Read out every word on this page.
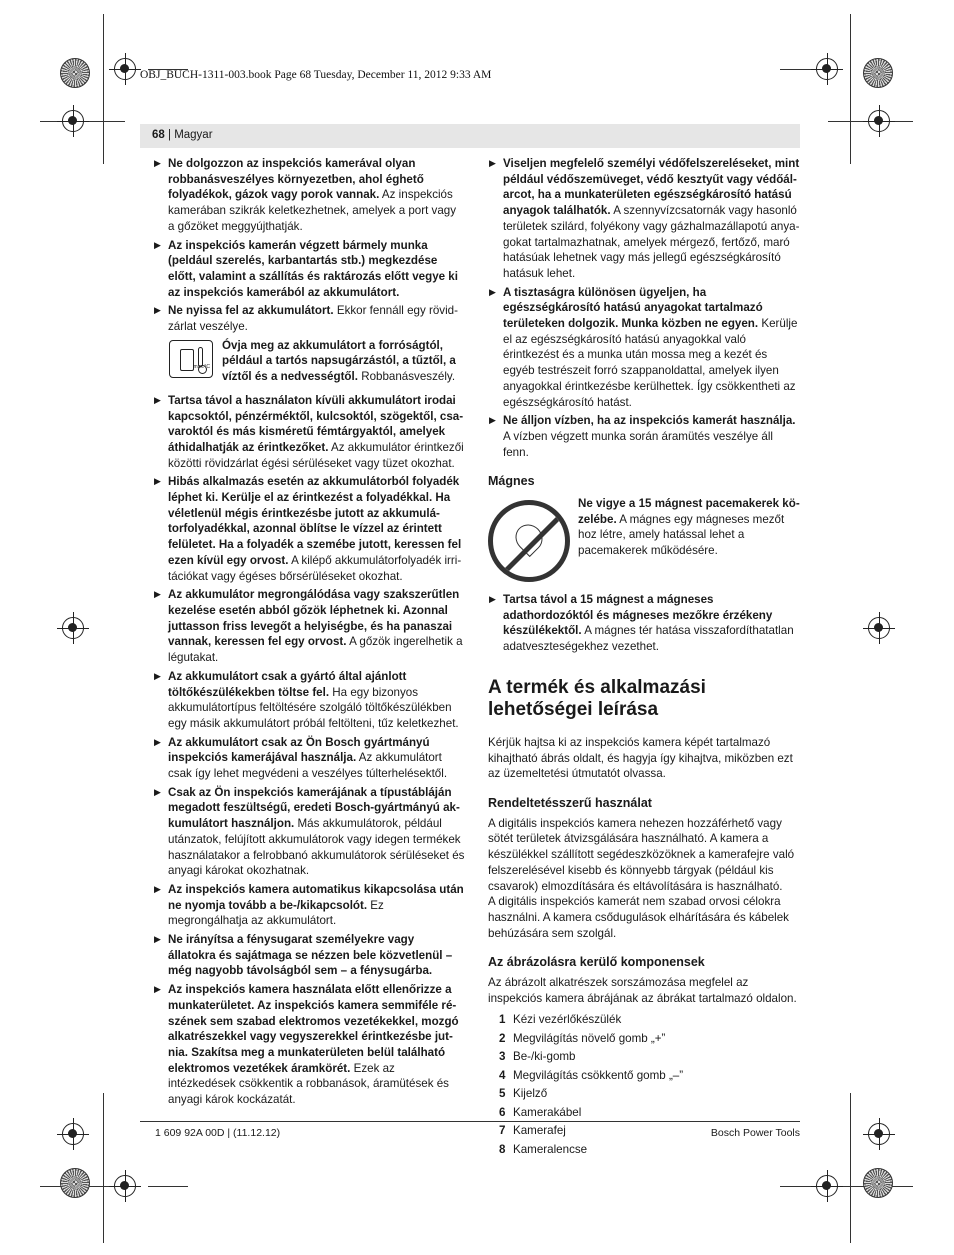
OBJ_BUCH-1311-003.book Page 68 Tuesday, December 11, 2012 9:33 AM
68 | Magyar
▶ Ne dolgozzon az inspekciós kamerával olyan robbanásveszélyes környezetben, ahol éghető folyadékok, gázok vagy porok vannak. Az inspekciós kamerában szikrák keletkezhetnek, amelyek a port vagy a gőzöket meggyújthatják.
▶ Az inspekciós kamerán végzett bármely munka (peldául szerelés, karbantartás stb.) megkezdése előtt, valamint a szállítás és raktározás előtt vegye ki az inspekciós kamerából az akkumulátort.
▶ Ne nyissa fel az akkumulátort. Ekkor fennáll egy rövidzárlat veszélye.
max.°C
Óvja meg az akkumulátort a forróságtól, például a tartós napsugárzástól, a tűztől, a víztől és a nedvességtől. Robbanásveszély.
▶ Tartsa távol a használaton kívüli akkumulátort irodai kapcsoktól, pénzérméktől, kulcsoktól, szögektől, csavaroktól és más kisméretű fémtárgyaktól, amelyek áthidalhatják az érintkezőket. Az akkumulátor érintkezői közötti rövidzárlat égési sérüléseket vagy tüzet okozhat.
▶ Hibás alkalmazás esetén az akkumulátorból folyadék léphet ki. Kerülje el az érintkezést a folyadékkal. Ha véletlenül mégis érintkezésbe jutott az akkumulátorfolyadékkal, azonnal öblítse le vízzel az érintett felületet. Ha a folyadék a szemébe jutott, keressen fel ezen kívül egy orvost. A kilépő akkumulátorfolyadék irritációkat vagy égéses bőrsérüléseket okozhat.
▶ Az akkumulátor megrongálódása vagy szakszerűtlen kezelése esetén abból gőzök léphetnek ki. Azonnal juttasson friss levegőt a helyiségbe, és ha panaszai vannak, keressen fel egy orvost. A gőzök ingerelhetik a légutakat.
▶ Az akkumulátort csak a gyártó által ajánlott töltőkészülékekben töltse fel. Ha egy bizonyos akkumulátortípus feltöltésére szolgáló töltőkészülékben egy másik akkumulátort próbál feltölteni, tűz keletkezhet.
▶ Az akkumulátort csak az Ön Bosch gyártmányú inspekciós kamerájával használja. Az akkumulátort csak így lehet megvédeni a veszélyes túlterhelésektől.
▶ Csak az Ön inspekciós kamerájának a típustábláján megadott feszültségű, eredeti Bosch-gyártmányú akkumulátort használjon. Más akkumulátorok, például utánzatok, felújított akkumulátorok vagy idegen termékek használatakor a felrobbanó akkumulátorok sérüléseket és anyagi károkat okozhatnak.
▶ Az inspekciós kamera automatikus kikapcsolása után ne nyomja tovább a be-/kikapcsolót. Ez megrongálhatja az akkumulátort.
▶ Ne irányítsa a fénysugarat személyekre vagy állatokra és sajátmaga se nézzen bele közvetlenül – még nagyobb távolságból sem – a fénysugárba.
▶ Az inspekciós kamera használata előtt ellenőrizze a munkaterületet. Az inspekciós kamera semmiféle részének sem szabad elektromos vezetékekkel, mozgó alkatrészekkel vagy vegyszerekkel érintkezésbe jutnia. Szakítsa meg a munkaterületen belül található elektromos vezetékek áramkörét. Ezek az intézkedések csökkentik a robbanások, áramütések és anyagi károk kockázatát.
▶ Viseljen megfelelő személyi védőfelszereléseket, mint például védőszemüveget, védő kesztyűt vagy védőálarcot, ha a munkaterületen egészségkárosító hatású anyagok találhatók. A szennyvízcsatornák vagy hasonló területek szilárd, folyékony vagy gázhalmazállapotú anyagokat tartalmazhatnak, amelyek mérgező, fertőző, maró hatásúak lehetnek vagy más jellegű egészségkárosító hatásuk lehet.
▶ A tisztaságra különösen ügyeljen, ha egészségkárosító hatású anyagokat tartalmazó területeken dolgozik. Munka közben ne egyen. Kerülje el az egészségkárosító hatású anyagokkal való érintkezést és a munka után mossa meg a kezét és egyéb testrészeit forró szappanoldattal, amelyek ilyen anyagokkal érintkezésbe kerülhettek. Így csökkentheti az egészségkárosító hatást.
▶ Ne álljon vízben, ha az inspekciós kamerát használja. A vízben végzett munka során áramütés veszélye áll fenn.
Mágnes
Ne vigye a 15 mágnest pacemakerek közelébe. A mágnes egy mágneses mezőt hoz létre, amely hatással lehet a pacemakerek működésére.
▶ Tartsa távol a 15 mágnest a mágneses adathordozóktól és mágneses mezőkre érzékeny készülékektől. A mágnes tér hatása visszafordíthatatlan adatveszteségekhez vezethet.
A termék és alkalmazási lehetőségei leírása
Kérjük hajtsa ki az inspekciós kamera képét tartalmazó kihajtható ábrás oldalt, és hagyja így kihajtva, miközben ezt az üzemeltetési útmutatót olvassa.
Rendeltetésszerű használat
A digitális inspekciós kamera nehezen hozzáférhető vagy sötét területek átvizsgálására használható. A kamera a készülékkel szállított segédeszközöknek a kamerafejre való felszerelésével kisebb és könnyebb tárgyak (például kis csavarok) elmozdítására és eltávolítására is használható.
A digitális inspekciós kamerát nem szabad orvosi célokra használni. A kamera csődugulások elhárítására és kábelek behúzására sem szolgál.
Az ábrázolásra kerülő komponensek
Az ábrázolt alkatrészek sorszámozása megfelel az inspekciós kamera ábrájának az ábrákat tartalmazó oldalon.
1 Kézi vezérlőkészülék
2 Megvilágítás növelő gomb „+”
3 Be-/ki-gomb
4 Megvilágítás csökkentő gomb „–”
5 Kijelző
6 Kamerakábel
7 Kamerafej
8 Kameralencse
1 609 92A 00D | (11.12.12)	Bosch Power Tools
